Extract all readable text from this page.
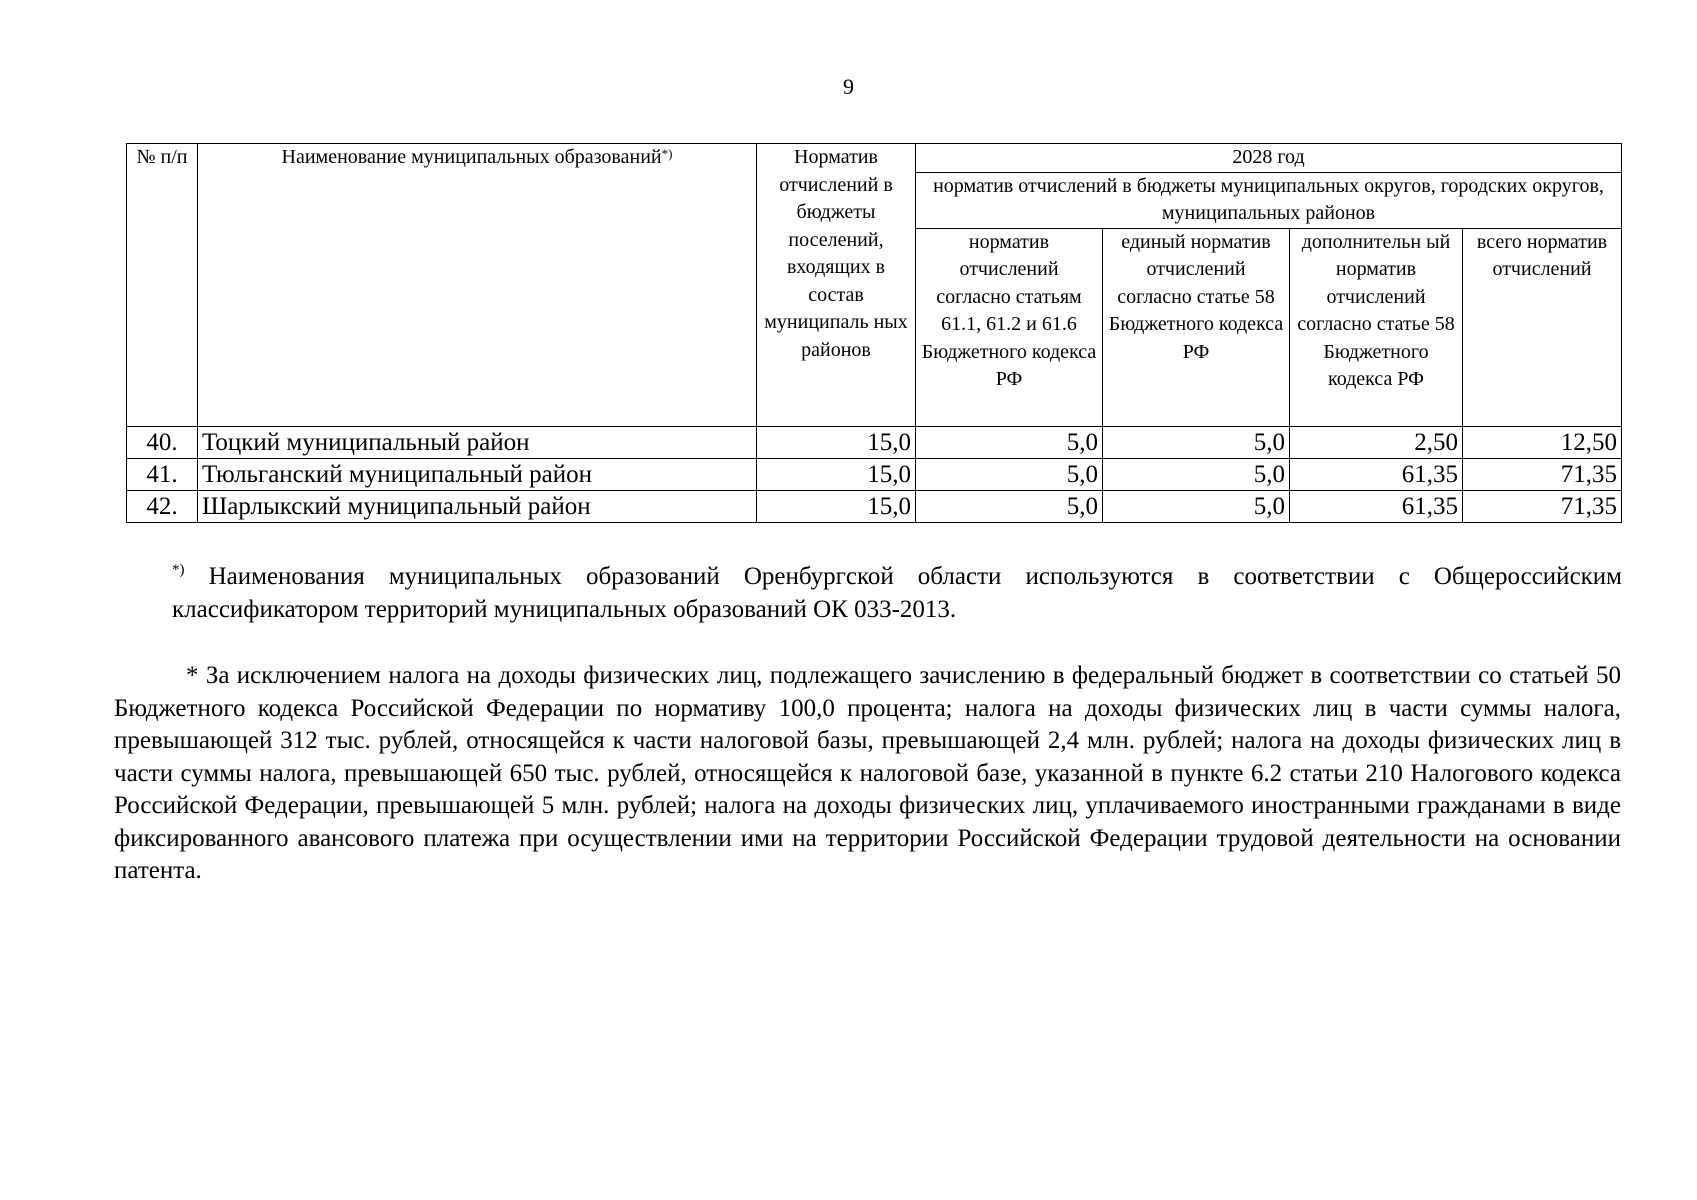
9
№ п/п	Наименование муниципальных образований*)	Норматив отчислений в бюджеты поселений, входящих в состав муниципаль ных районов	2028 год			
			норматив отчислений в бюджеты муниципальных округов, городских округов, муниципальных районов			
			норматив отчислений согласно статьям 61.1, 61.2 и 61.6 Бюджетного кодекса РФ	единый норматив отчислений согласно статье 58 Бюджетного кодекса РФ	дополнительн ый норматив отчислений согласно статье 58 Бюджетного кодекса РФ	всего норматив отчислений
40.	Тоцкий муниципальный район	15,0	5,0	5,0	2,50	12,50
41.	Тюльганский муниципальный район	15,0	5,0	5,0	61,35	71,35
42.	Шарлыкский муниципальный район	15,0	5,0	5,0	61,35	71,35
*) Наименования муниципальных образований Оренбургской области используются в соответствии с Общероссийским классификатором территорий муниципальных образований ОК 033-2013.
* За исключением налога на доходы физических лиц, подлежащего зачислению в федеральный бюджет в соответствии со статьей 50 Бюджетного кодекса Российской Федерации по нормативу 100,0 процента; налога на доходы физических лиц в части суммы налога, превышающей 312 тыс. рублей, относящейся к части налоговой базы, превышающей 2,4 млн. рублей; налога на доходы физических лиц в части суммы налога, превышающей 650 тыс. рублей, относящейся к налоговой базе, указанной в пункте 6.2 статьи 210 Налогового кодекса Российской Федерации, превышающей 5 млн. рублей; налога на доходы физических лиц, уплачиваемого иностранными гражданами в виде фиксированного авансового платежа при осуществлении ими на территории Российской Федерации трудовой деятельности на основании патента.
